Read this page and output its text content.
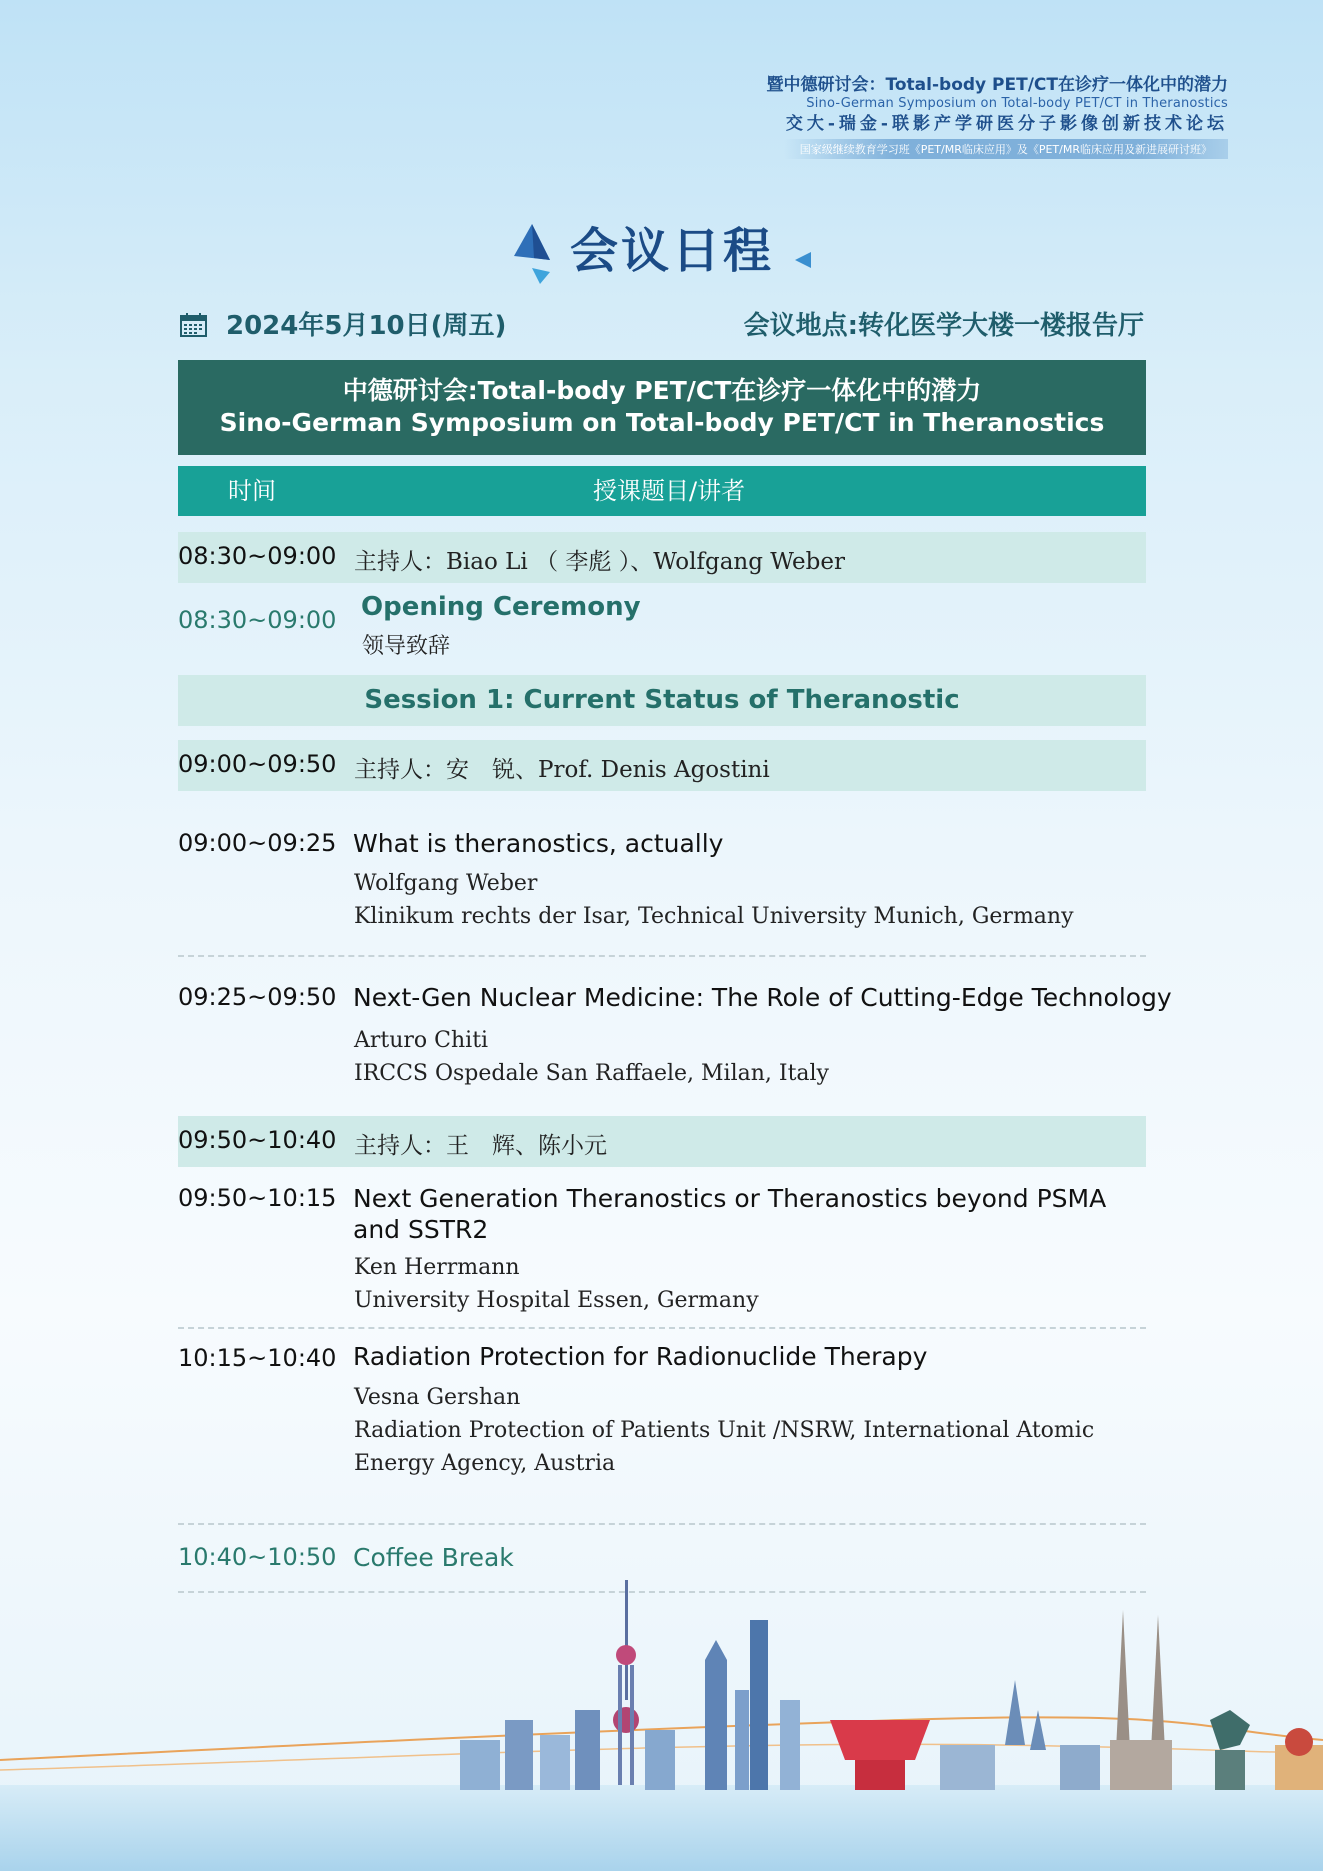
暨中德研讨会：Total-body PET/CT在诊疗一体化中的潜力
Sino-German Symposium on Total-body PET/CT in Theranostics
交大-瑞金-联影产学研医分子影像创新技术论坛
国家级继续教育学习班《PET/MR临床应用》及《PET/MR临床应用及新进展研讨班》
会议日程
2024年5月10日(周五)	会议地点:转化医学大楼一楼报告厅
中德研讨会:Total-body PET/CT在诊疗一体化中的潜力
Sino-German Symposium on Total-body PET/CT in Theranostics
时间	授课题目/讲者
08:30~09:00 主持人：Biao Li （ 李彪 ）、Wolfgang Weber
08:30~09:00 Opening Ceremony
领导致辞
Session 1: Current Status of Theranostic
09:00~09:50 主持人：安　锐、Prof. Denis Agostini
09:00~09:25 What is theranostics, actually
Wolfgang Weber
Klinikum rechts der Isar, Technical University Munich, Germany
09:25~09:50 Next-Gen Nuclear Medicine: The Role of Cutting-Edge Technology
Arturo Chiti
IRCCS Ospedale San Raffaele, Milan, Italy
09:50~10:40 主持人：王　辉、陈小元
09:50~10:15 Next Generation Theranostics or Theranostics beyond PSMA
and SSTR2
Ken Herrmann
University Hospital Essen, Germany
10:15~10:40 Radiation Protection for Radionuclide Therapy
Vesna Gershan
Radiation Protection of Patients Unit /NSRW, International Atomic
Energy Agency, Austria
10:40~10:50 Coffee Break
